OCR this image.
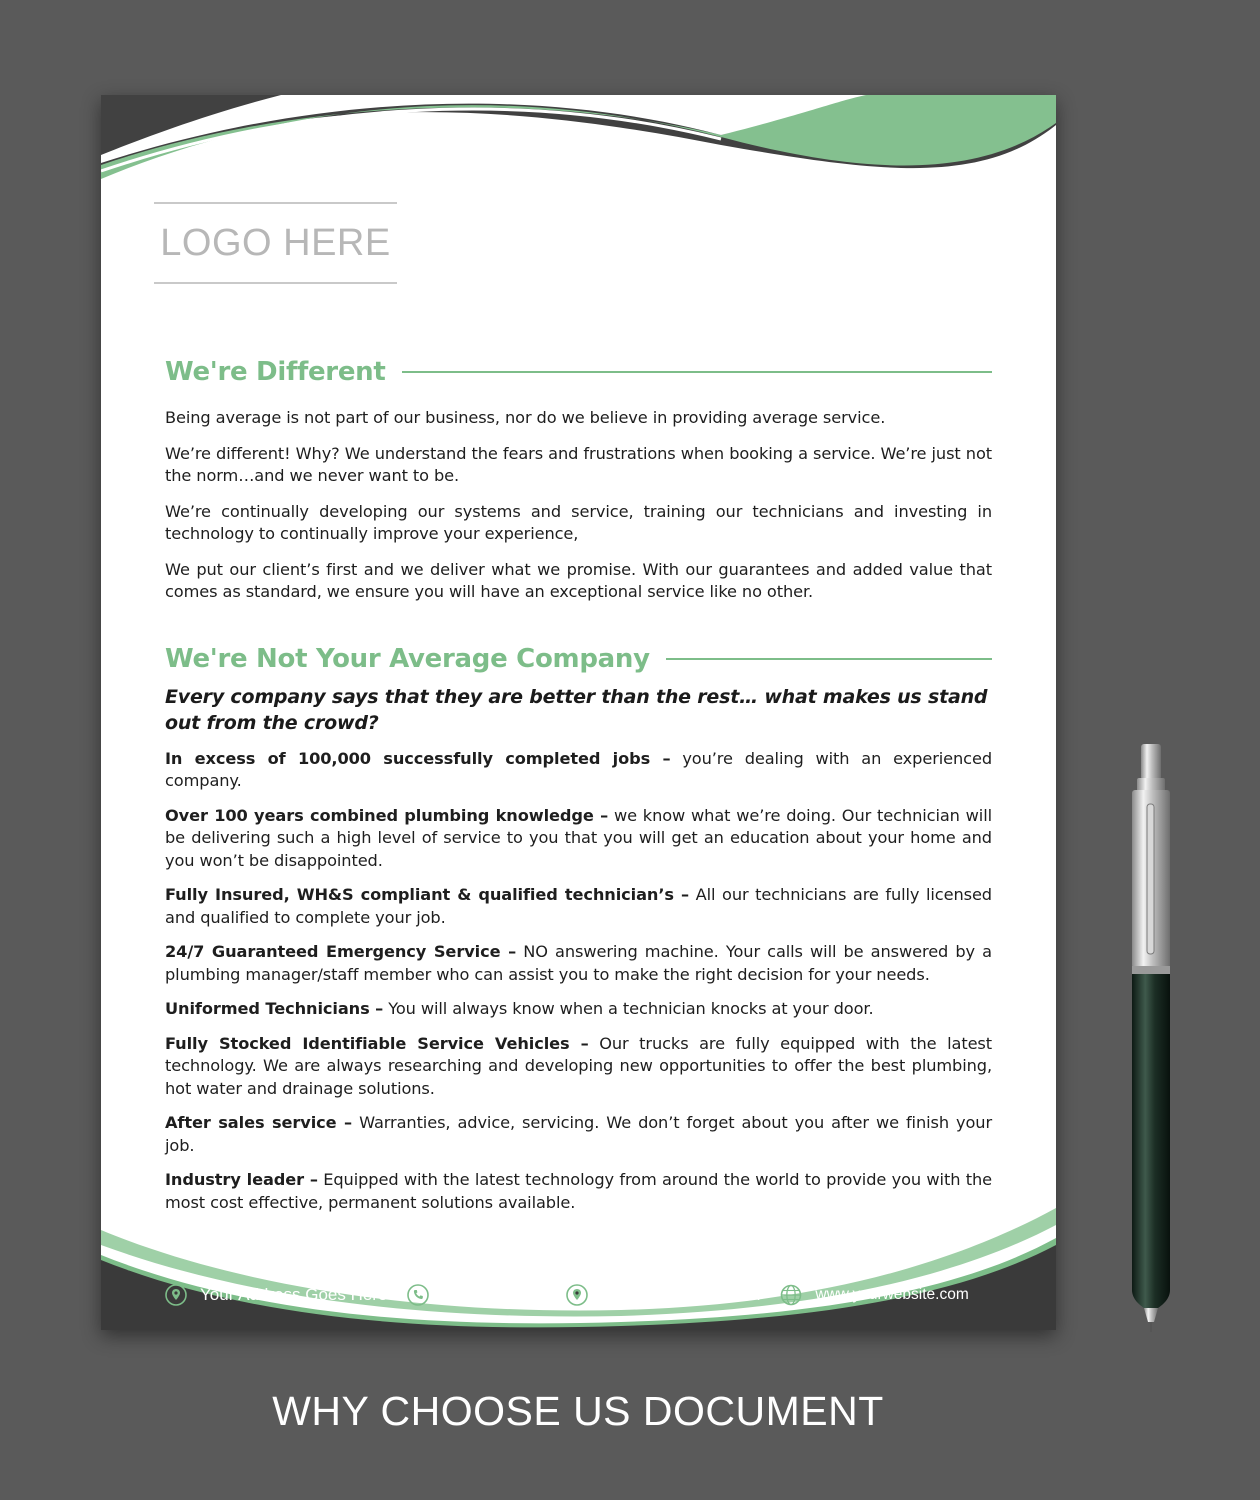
LOGO HERE
We're Different

Being average is not part of our business, nor do we believe in providing average service.

We’re different! Why? We understand the fears and frustrations when booking a service. We’re just not the norm…and we never want to be.

We’re continually developing our systems and service, training our technicians and investing in technology to continually improve your experience,

We put our client’s first and we deliver what we promise. With our guarantees and added value that comes as standard, we ensure you will have an exceptional service like no other.

We're Not Your Average Company

Every company says that they are better than the rest… what makes us stand out from the crowd?

In excess of 100,000 successfully completed jobs – you’re dealing with an experienced company.

Over 100 years combined plumbing knowledge – we know what we’re doing. Our technician will be delivering such a high level of service to you that you will get an education about your home and you won’t be disappointed.

Fully Insured, WH&S compliant & qualified technician’s – All our technicians are fully licensed and qualified to complete your job.

24/7 Guaranteed Emergency Service – NO answering machine. Your calls will be answered by a plumbing manager/staff member who can assist you to make the right decision for your needs.

Uniformed Technicians – You will always know when a technician knocks at your door.

Fully Stocked Identifiable Service Vehicles – Our trucks are fully equipped with the latest technology. We are always researching and developing new opportunities to offer the best plumbing, hot water and drainage solutions.

After sales service – Warranties, advice, servicing. We don’t forget about you after we finish your job.

Industry leader – Equipped with the latest technology from around the world to provide you with the most cost effective, permanent solutions available.

Your Address Goes Here	0123 456 789	info@yourmailid.com	www.yourwebsite.com
WHY CHOOSE US DOCUMENT
